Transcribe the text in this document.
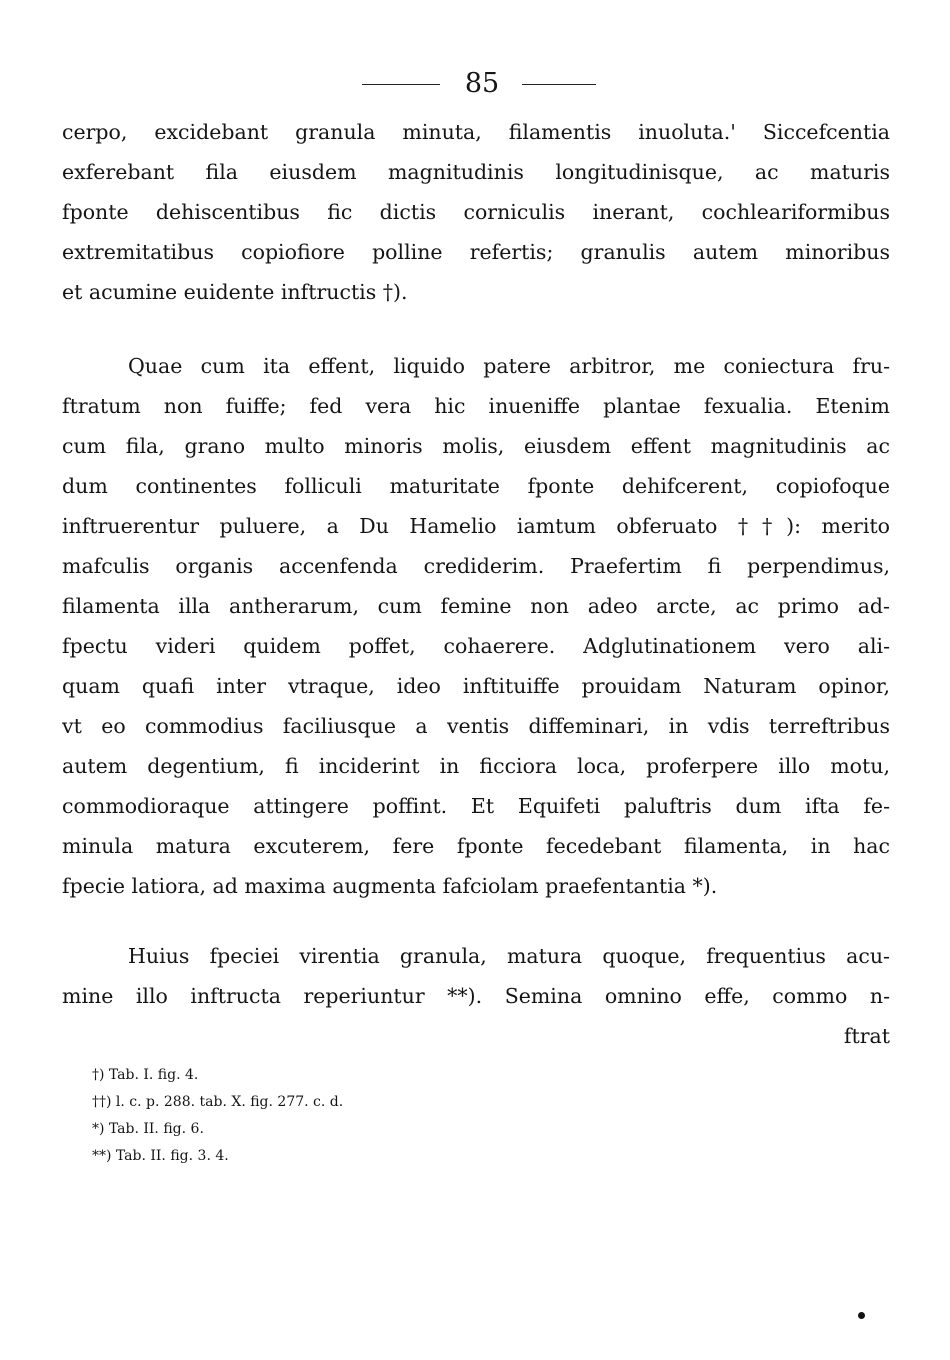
85
cerpo, excidebant granula minuta, filamentis inuoluta.' Siccefcentia
exferebant fila eiusdem magnitudinis longitudinisque, ac maturis
fponte dehiscentibus fic dictis corniculis inerant, cochleariformibus
extremitatibus copiofiore polline refertis; granulis autem minoribus
et acumine euidente inftructis †).
Quae cum ita effent, liquido patere arbitror, me coniectura fru-
ftratum non fuiffe; fed vera hic inueniffe plantae fexualia. Etenim
cum fila, grano multo minoris molis, eiusdem effent magnitudinis ac
dum continentes folliculi maturitate fponte dehifcerent, copiofoque
inftruerentur puluere, a Du Hamelio iamtum obferuato ††): merito
mafculis organis accenfenda crediderim. Praefertim fi perpendimus,
filamenta illa antherarum, cum femine non adeo arcte, ac primo ad-
fpectu videri quidem poffet, cohaerere. Adglutinationem vero ali-
quam quafi inter vtraque, ideo inftituiffe prouidam Naturam opinor,
vt eo commodius faciliusque a ventis diffeminari, in vdis terreftribus
autem degentium, fi inciderint in ficciora loca, proferpere illo motu,
commodioraque attingere poffint. Et Equifeti paluftris dum ifta fe-
minula matura excuterem, fere fponte fecedebant filamenta, in hac
fpecie latiora, ad maxima augmenta fafciolam praefentantia *).
Huius fpeciei virentia granula, matura quoque, frequentius acu-
mine illo inftructa reperiuntur **). Semina omnino effe, commo n-
ftrat
†) Tab. I. fig. 4.
††) l. c. p. 288. tab. X. fig. 277. c. d.
*) Tab. II. fig. 6.
**) Tab. II. fig. 3. 4.
